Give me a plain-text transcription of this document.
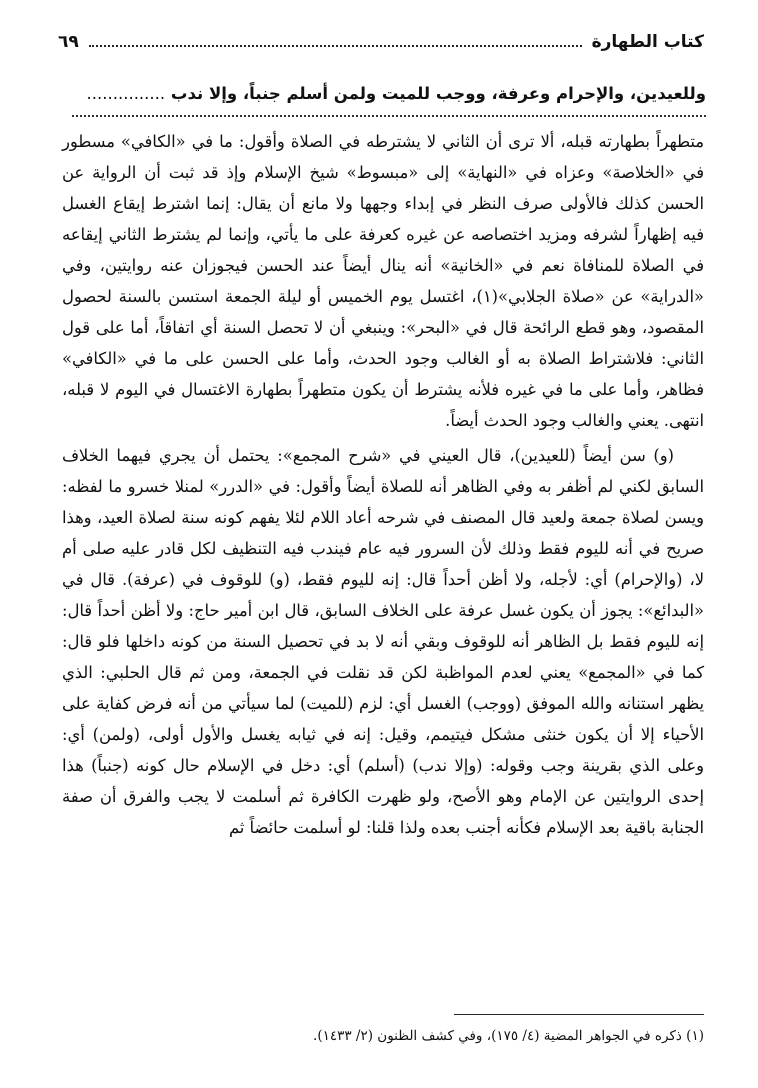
كتاب الطهارة
٦٩
وللعيدين، والإحرام وعرفة، ووجب للميت ولمن أسلم جنباً، وإلا ندب ...............

متطهراً بطهارته قبله، ألا ترى أن الثاني لا يشترطه في الصلاة وأقول: ما في «الكافي» مسطور في «الخلاصة» وعزاه في «النهاية» إلى «مبسوط» شيخ الإسلام وإذ قد ثبت أن الرواية عن الحسن كذلك فالأولى صرف النظر في إبداء وجهها ولا مانع أن يقال: إنما اشترط إيقاع الغسل فيه إظهاراً لشرفه ومزيد اختصاصه عن غيره كعرفة على ما يأتي، وإنما لم يشترط الثاني إيقاعه في الصلاة للمنافاة نعم في «الخانية» أنه ينال أيضاً عند الحسن فيجوزان عنه روايتين، وفي «الدراية» عن «صلاة الجلابي»(١)، اغتسل يوم الخميس أو ليلة الجمعة استسن بالسنة لحصول المقصود، وهو قطع الرائحة قال في «البحر»: وينبغي أن لا تحصل السنة أي اتفاقاً، أما على قول الثاني: فلاشتراط الصلاة به أو الغالب وجود الحدث، وأما على الحسن على ما في «الكافي» فظاهر، وأما على ما في غيره فلأنه يشترط أن يكون متطهراً بطهارة الاغتسال في اليوم لا قبله، انتهى. يعني والغالب وجود الحدث أيضاً.

(و) سن أيضاً (للعيدين)، قال العيني في «شرح المجمع»: يحتمل أن يجري فيهما الخلاف السابق لكني لم أظفر به وفي الظاهر أنه للصلاة أيضاً وأقول: في «الدرر» لمنلا خسرو ما لفظه: ويسن لصلاة جمعة ولعيد قال المصنف في شرحه أعاد اللام لئلا يفهم كونه سنة لصلاة العيد، وهذا صريح في أنه لليوم فقط وذلك لأن السرور فيه عام فيندب فيه التنظيف لكل قادر عليه صلى أم لا، (والإحرام) أي: لأجله، ولا أظن أحداً قال: إنه لليوم فقط، (و) للوقوف في (عرفة). قال في «البدائع»: يجوز أن يكون غسل عرفة على الخلاف السابق، قال ابن أمير حاج: ولا أظن أحداً قال: إنه لليوم فقط بل الظاهر أنه للوقوف وبقي أنه لا بد في تحصيل السنة من كونه داخلها فلو قال: كما في «المجمع» يعني لعدم المواظبة لكن قد نقلت في الجمعة، ومن ثم قال الحلبي: الذي يظهر استنانه والله الموفق (ووجب) الغسل أي: لزم (للميت) لما سيأتي من أنه فرض كفاية على الأحياء إلا أن يكون خنثى مشكل فيتيمم، وقيل: إنه في ثيابه يغسل والأول أولى، (ولمن) أي: وعلى الذي بقرينة وجب وقوله: (وإلا ندب) (أسلم) أي: دخل في الإسلام حال كونه (جنباً) هذا إحدى الروايتين عن الإمام وهو الأصح، ولو ظهرت الكافرة ثم أسلمت لا يجب والفرق أن صفة الجنابة باقية بعد الإسلام فكأنه أجنب بعده ولذا قلنا: لو أسلمت حائضاً ثم

(١) ذكره في الجواهر المضية (٤/ ١٧٥)، وفي كشف الظنون (٢/ ١٤٣٣).
